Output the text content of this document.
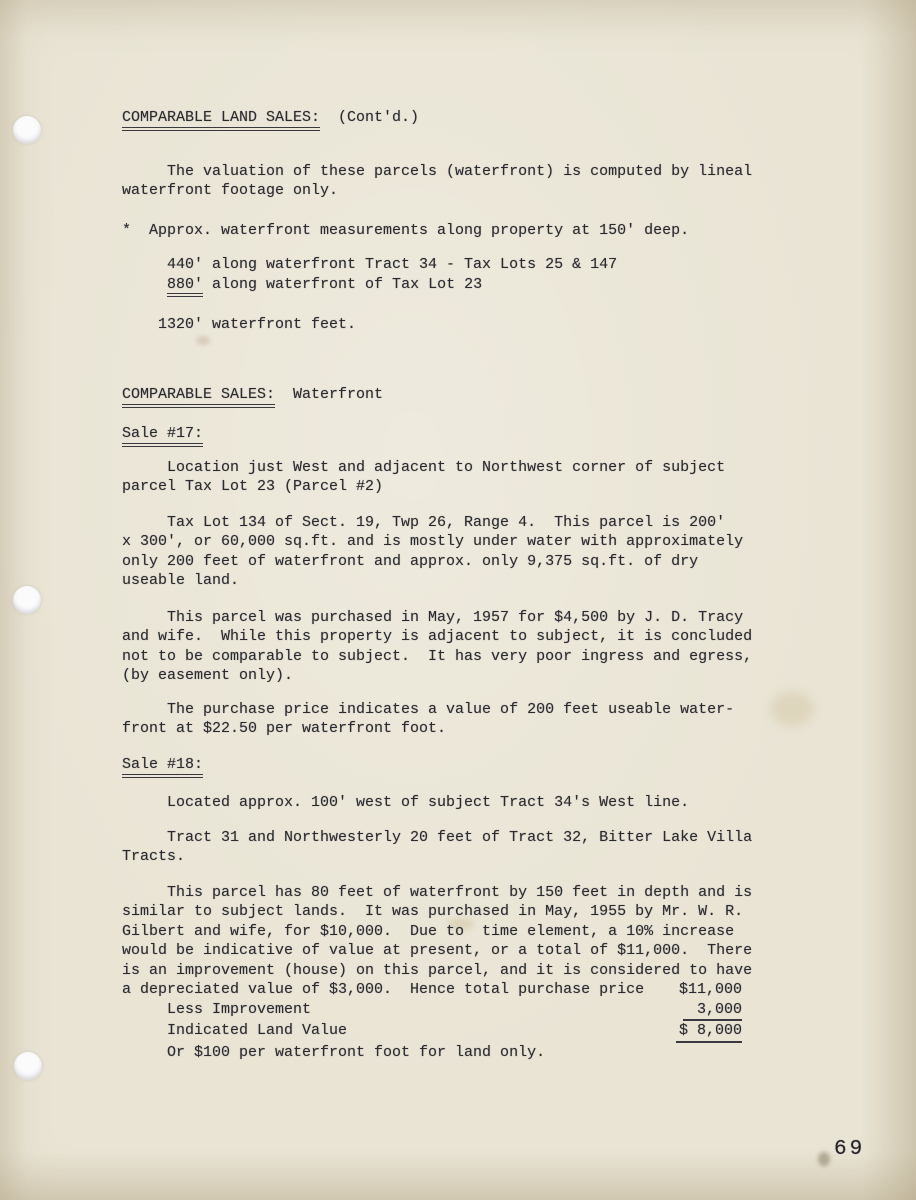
COMPARABLE LAND SALES:  (Cont'd.)
The valuation of these parcels (waterfront) is computed by lineal
waterfront footage only.
*  Approx. waterfront measurements along property at 150' deep.
440' along waterfront Tract 34 - Tax Lots 25 & 147
880' along waterfront of Tax Lot 23
1320' waterfront feet.
COMPARABLE SALES:  Waterfront
Sale #17:
Location just West and adjacent to Northwest corner of subject
parcel Tax Lot 23 (Parcel #2)
Tax Lot 134 of Sect. 19, Twp 26, Range 4.  This parcel is 200'
x 300', or 60,000 sq.ft. and is mostly under water with approximately
only 200 feet of waterfront and approx. only 9,375 sq.ft. of dry
useable land.
This parcel was purchased in May, 1957 for $4,500 by J. D. Tracy
and wife.  While this property is adjacent to subject, it is concluded
not to be comparable to subject.  It has very poor ingress and egress,
(by easement only).
The purchase price indicates a value of 200 feet useable water-
front at $22.50 per waterfront foot.
Sale #18:
Located approx. 100' west of subject Tract 34's West line.
Tract 31 and Northwesterly 20 feet of Tract 32, Bitter Lake Villa
Tracts.
This parcel has 80 feet of waterfront by 150 feet in depth and is
similar to subject lands.  It was purchased in May, 1955 by Mr. W. R.
Gilbert and wife, for $10,000.  Due to  time element, a 10% increase
would be indicative of value at present, or a total of $11,000.  There
is an improvement (house) on this parcel, and it is considered to have
a depreciated value of $3,000.  Hence total purchase price $11,000
Less Improvement	3,000
Indicated Land Value	$ 8,000
Or $100 per waterfront foot for land only.
69
